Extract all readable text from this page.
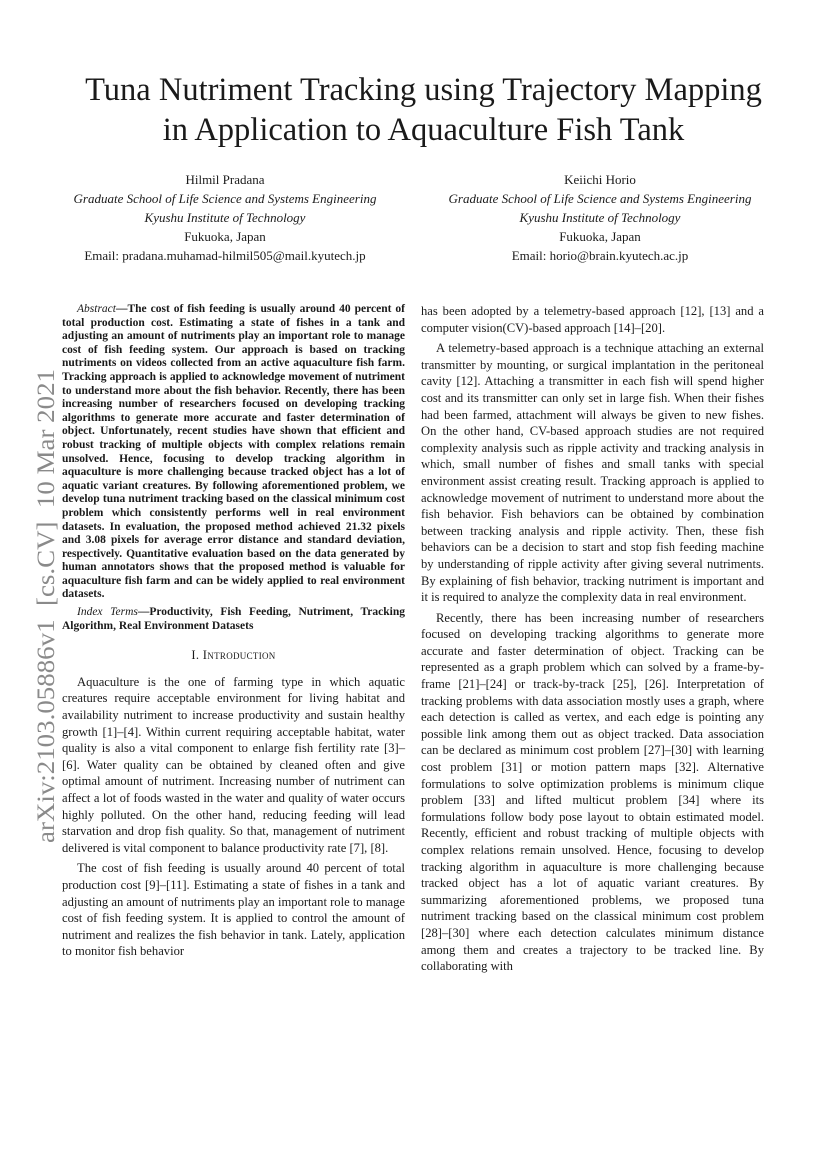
arXiv:2103.05886v1  [cs.CV]  10 Mar 2021
Tuna Nutriment Tracking using Trajectory Mapping
in Application to Aquaculture Fish Tank
Hilmil Pradana
Graduate School of Life Science and Systems Engineering
Kyushu Institute of Technology
Fukuoka, Japan
Email: pradana.muhamad-hilmil505@mail.kyutech.jp
Keiichi Horio
Graduate School of Life Science and Systems Engineering
Kyushu Institute of Technology
Fukuoka, Japan
Email: horio@brain.kyutech.ac.jp

Abstract—The cost of fish feeding is usually around 40 percent of total production cost. Estimating a state of fishes in a tank and adjusting an amount of nutriments play an important role to manage cost of fish feeding system. Our approach is based on tracking nutriments on videos collected from an active aquaculture fish farm. Tracking approach is applied to acknowledge movement of nutriment to understand more about the fish behavior. Recently, there has been increasing number of researchers focused on developing tracking algorithms to generate more accurate and faster determination of object. Unfortunately, recent studies have shown that efficient and robust tracking of multiple objects with complex relations remain unsolved. Hence, focusing to develop tracking algorithm in aquaculture is more challenging because tracked object has a lot of aquatic variant creatures. By following aforementioned problem, we develop tuna nutriment tracking based on the classical minimum cost problem which consistently performs well in real environment datasets. In evaluation, the proposed method achieved 21.32 pixels and 3.08 pixels for average error distance and standard deviation, respectively. Quantitative evaluation based on the data generated by human annotators shows that the proposed method is valuable for aquaculture fish farm and can be widely applied to real environment datasets.

Index Terms—Productivity, Fish Feeding, Nutriment, Tracking Algorithm, Real Environment Datasets

I. Introduction

Aquaculture is the one of farming type in which aquatic creatures require acceptable environment for living habitat and availability nutriment to increase productivity and sustain healthy growth [1]–[4]. Within current requiring acceptable habitat, water quality is also a vital component to enlarge fish fertility rate [3]–[6]. Water quality can be obtained by cleaned often and give optimal amount of nutriment. Increasing number of nutriment can affect a lot of foods wasted in the water and quality of water occurs highly polluted. On the other hand, reducing feeding will lead starvation and drop fish quality. So that, management of nutriment delivered is vital component to balance productivity rate [7], [8].

The cost of fish feeding is usually around 40 percent of total production cost [9]–[11]. Estimating a state of fishes in a tank and adjusting an amount of nutriments play an important role to manage cost of fish feeding system. It is applied to control the amount of nutriment and realizes the fish behavior in tank. Lately, application to monitor fish behavior

has been adopted by a telemetry-based approach [12], [13] and a computer vision(CV)-based approach [14]–[20].

A telemetry-based approach is a technique attaching an external transmitter by mounting, or surgical implantation in the peritoneal cavity [12]. Attaching a transmitter in each fish will spend higher cost and its transmitter can only set in large fish. When their fishes had been farmed, attachment will always be given to new fishes. On the other hand, CV-based approach studies are not required complexity analysis such as ripple activity and tracking analysis in which, small number of fishes and small tanks with special environment assist creating result. Tracking approach is applied to acknowledge movement of nutriment to understand more about the fish behavior. Fish behaviors can be obtained by combination between tracking analysis and ripple activity. Then, these fish behaviors can be a decision to start and stop fish feeding machine by understanding of ripple activity after giving several nutriments. By explaining of fish behavior, tracking nutriment is important and it is required to analyze the complexity data in real environment.

Recently, there has been increasing number of researchers focused on developing tracking algorithms to generate more accurate and faster determination of object. Tracking can be represented as a graph problem which can solved by a frame-by-frame [21]–[24] or track-by-track [25], [26]. Interpretation of tracking problems with data association mostly uses a graph, where each detection is called as vertex, and each edge is pointing any possible link among them out as object tracked. Data association can be declared as minimum cost problem [27]–[30] with learning cost problem [31] or motion pattern maps [32]. Alternative formulations to solve optimization problems is minimum clique problem [33] and lifted multicut problem [34] where its formulations follow body pose layout to obtain estimated model. Recently, efficient and robust tracking of multiple objects with complex relations remain unsolved. Hence, focusing to develop tracking algorithm in aquaculture is more challenging because tracked object has a lot of aquatic variant creatures. By summarizing aforementioned problems, we proposed tuna nutriment tracking based on the classical minimum cost problem [28]–[30] where each detection calculates minimum distance among them and creates a trajectory to be tracked line. By collaborating with
